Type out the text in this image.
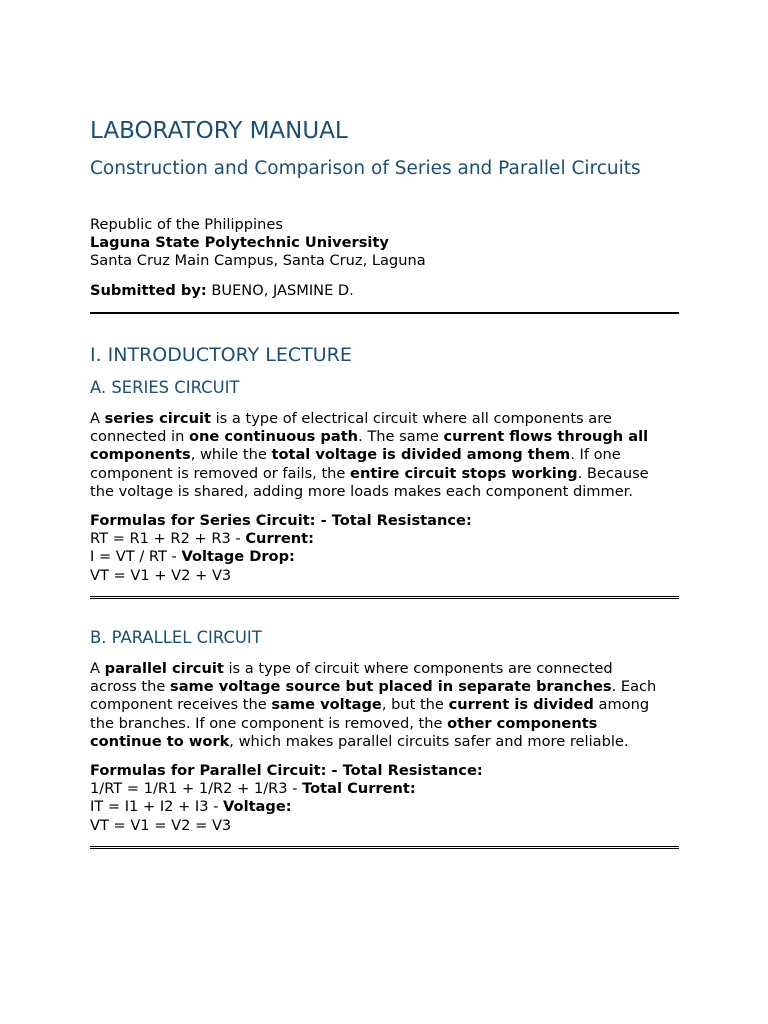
LABORATORY MANUAL
Construction and Comparison of Series and Parallel Circuits
Republic of the Philippines
Laguna State Polytechnic University
Santa Cruz Main Campus, Santa Cruz, Laguna
Submitted by: BUENO, JASMINE D.
I. INTRODUCTORY LECTURE
A. SERIES CIRCUIT
A series circuit is a type of electrical circuit where all components are
connected in one continuous path. The same current flows through all
components, while the total voltage is divided among them. If one
component is removed or fails, the entire circuit stops working. Because
the voltage is shared, adding more loads makes each component dimmer.
Formulas for Series Circuit: - Total Resistance:
RT = R1 + R2 + R3 - Current:
I = VT / RT - Voltage Drop:
VT = V1 + V2 + V3
B. PARALLEL CIRCUIT
A parallel circuit is a type of circuit where components are connected
across the same voltage source but placed in separate branches. Each
component receives the same voltage, but the current is divided among
the branches. If one component is removed, the other components
continue to work, which makes parallel circuits safer and more reliable.
Formulas for Parallel Circuit: - Total Resistance:
1/RT = 1/R1 + 1/R2 + 1/R3 - Total Current:
IT = I1 + I2 + I3 - Voltage:
VT = V1 = V2 = V3
